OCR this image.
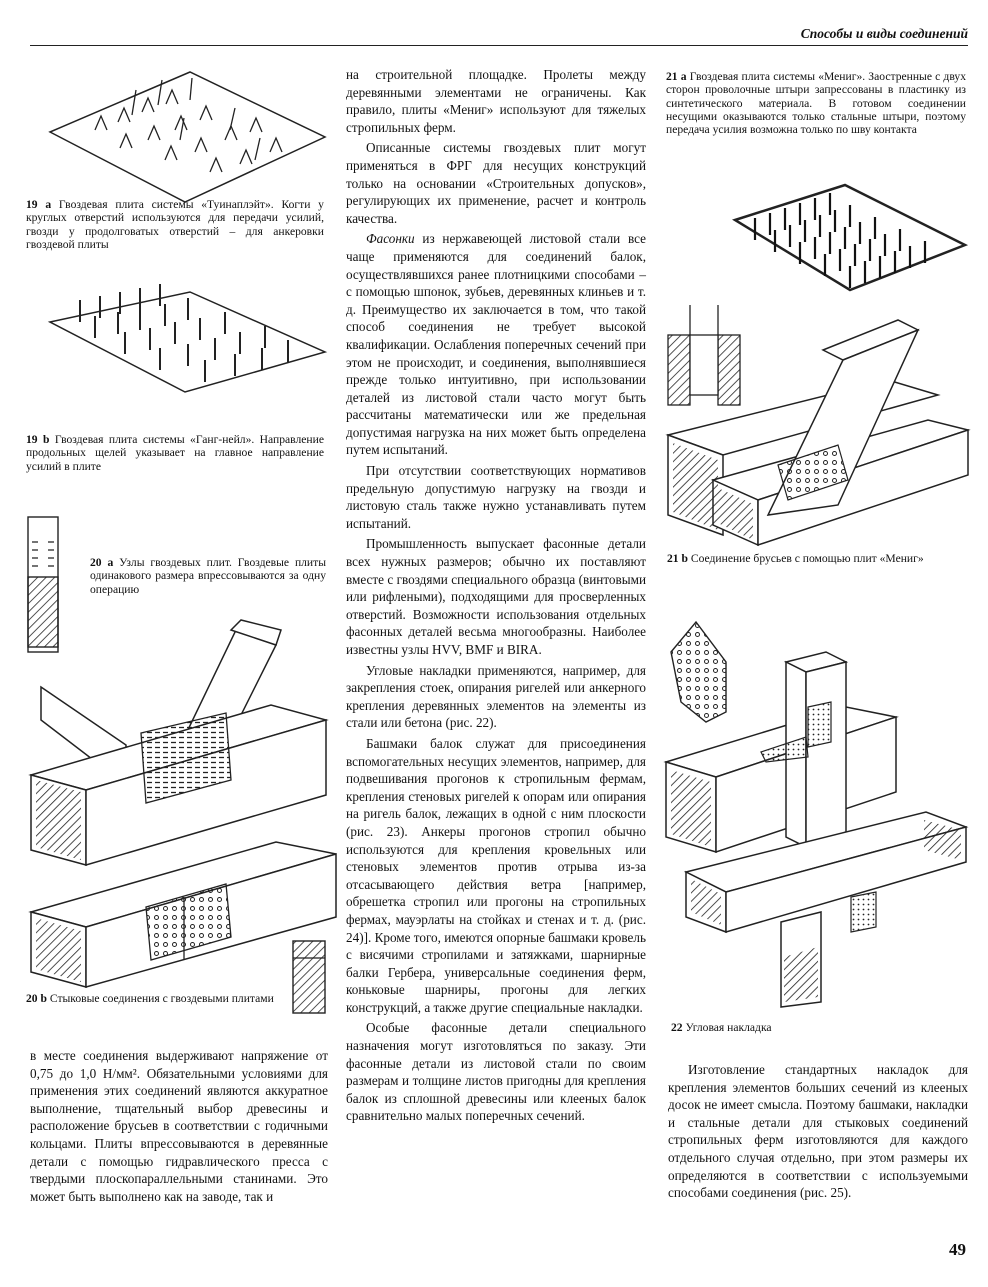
Способы и виды соединений
19 a Гвоздевая плита системы «Туинаплэйт». Когти у круглых отверстий используются для передачи усилий, гвозди у продолговатых отверстий – для анкеровки гвоздевой плиты
19 b Гвоздевая плита системы «Ганг-нейл». Направление продольных щелей указывает на главное направление усилий в плите
20 a Узлы гвоздевых плит. Гвоздевые плиты одинакового размера впрессовываются за одну операцию
20 b Стыковые соединения с гвоздевыми плитами

в месте соединения выдерживают напряжение от 0,75 до 1,0 Н/мм². Обязательными условиями для применения этих соединений являются аккуратное выполнение, тщательный выбор древесины и расположение брусьев в соответствии с годичными кольцами. Плиты впрессовываются в деревянные детали с помощью гидравлического пресса с твердыми плоскопараллельными станинами. Это может быть выполнено как на заводе, так и

на строительной площадке. Пролеты между деревянными элементами не ограничены. Как правило, плиты «Мениг» используют для тяжелых стропильных ферм.

Описанные системы гвоздевых плит могут применяться в ФРГ для несущих конструкций только на основании «Строительных допусков», регулирующих их применение, расчет и контроль качества.

Фасонки из нержавеющей листовой стали все чаще применяются для соединений балок, осуществлявшихся ранее плотницкими способами – с помощью шпонок, зубьев, деревянных клиньев и т. д. Преимущество их заключается в том, что такой способ соединения не требует высокой квалификации. Ослабления поперечных сечений при этом не происходит, и соединения, выполнявшиеся прежде только интуитивно, при использовании деталей из листовой стали часто могут быть рассчитаны математически или же предельная допустимая нагрузка на них может быть определена путем испытаний.

При отсутствии соответствующих нормативов предельную допустимую нагрузку на гвозди и листовую сталь также нужно устанавливать путем испытаний.

Промышленность выпускает фасонные детали всех нужных размеров; обычно их поставляют вместе с гвоздями специального образца (винтовыми или рифлеными), подходящими для просверленных отверстий. Возможности использования отдельных фасонных деталей весьма многообразны. Наиболее известны узлы HVV, BMF и BIRA.

Угловые накладки применяются, например, для закрепления стоек, опирания ригелей или анкерного крепления деревянных элементов на элементы из стали или бетона (рис. 22).

Башмаки балок служат для присоединения вспомогательных несущих элементов, например, для подвешивания прогонов к стропильным фермам, крепления стеновых ригелей к опорам или опирания на ригель балок, лежащих в одной с ним плоскости (рис. 23). Анкеры прогонов стропил обычно используются для крепления кровельных или стеновых элементов против отрыва из-за отсасывающего действия ветра [например, обрешетка стропил или прогоны на стропильных фермах, мауэрлаты на стойках и стенах и т. д. (рис. 24)]. Кроме того, имеются опорные башмаки кровель с висячими стропилами и затяжками, шарнирные балки Гербера, универсальные соединения ферм, коньковые шарниры, прогоны для легких конструкций, а также другие специальные накладки.

Особые фасонные детали специального назначения могут изготовляться по заказу. Эти фасонные детали из листовой стали по своим размерам и толщине листов пригодны для крепления балок из сплошной древесины или клееных балок сравнительно малых поперечных сечений.

21 a Гвоздевая плита системы «Мениг». Заостренные с двух сторон проволочные штыри запрессованы в пластинку из синтетического материала. В готовом соединении несущими оказываются только стальные штыри, поэтому передача усилия возможна только по шву контакта
21 b Соединение брусьев с помощью плит «Мениг»
22 Угловая накладка

Изготовление стандартных накладок для крепления элементов больших сечений из клееных досок не имеет смысла. Поэтому башмаки, накладки и стальные детали для стыковых соединений стропильных ферм изготовляются для каждого отдельного случая отдельно, при этом размеры их определяются в соответствии с используемыми способами соединения (рис. 25).

49
